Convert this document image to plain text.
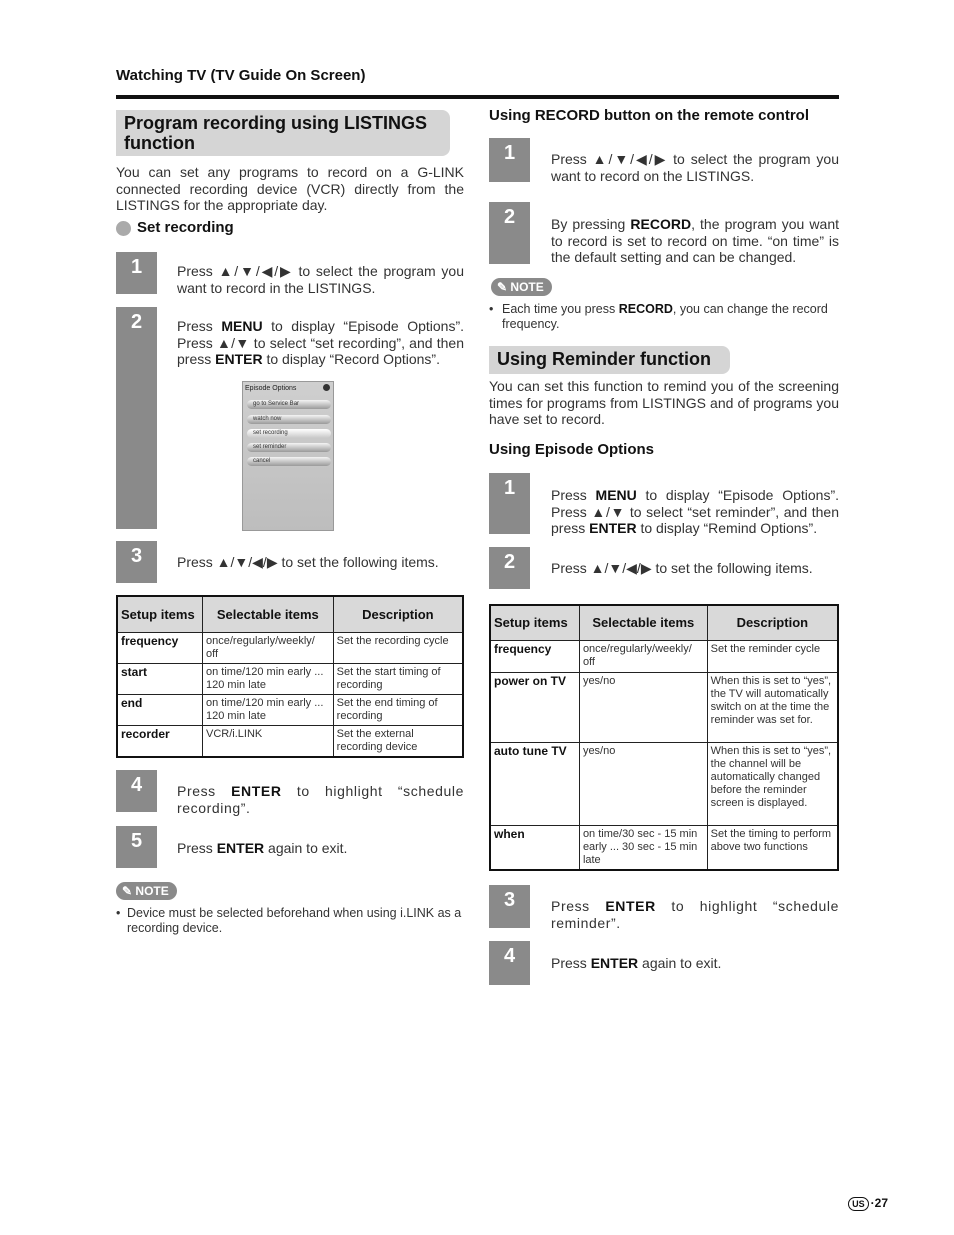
Watching TV (TV Guide On Screen)
Program recording using LISTINGS function
You can set any programs to record on a G-LINK connected recording device (VCR) directly from the LISTINGS for the appropriate day.
Set recording
1	Press ▲/▼/◀/▶ to select the program you want to record in the LISTINGS.
2	Press MENU to display “Episode Options”. Press ▲/▼ to select “set recording”, and then press ENTER to display “Record Options”.
Episode Options
go to Service Bar
watch now
set recording
set reminder
cancel
3	Press ▲/▼/◀/▶ to set the following items.
Setup items	Selectable items	Description
frequency	once/regularly/weekly/ off	Set the recording cycle
start	on time/120 min early ... 120 min late	Set the start timing of recording
end	on time/120 min early ... 120 min late	Set the end timing of recording
recorder	VCR/i.LINK	Set the external recording device
4	Press ENTER to highlight “schedule recording”.
5	Press ENTER again to exit.
✎ NOTE
• Device must be selected beforehand when using i.LINK as a recording device.
Using RECORD button on the remote control
1	Press ▲/▼/◀/▶ to select the program you want to record on the LISTINGS.
2	By pressing RECORD, the program you want to record is set to record on time. “on time” is the default setting and can be changed.
✎ NOTE
• Each time you press RECORD, you can change the record frequency.
Using Reminder function
You can set this function to remind you of the screening times for programs from LISTINGS and of programs you have set to record.
Using Episode Options
1	Press MENU to display “Episode Options”. Press ▲/▼ to select “set reminder”, and then press ENTER to display “Remind Options”.
2	Press ▲/▼/◀/▶ to set the following items.
Setup items	Selectable items	Description
frequency	once/regularly/weekly/ off	Set the reminder cycle
power on TV	yes/no	When this is set to “yes”, the TV will automatically switch on at the time the reminder was set for.
auto tune TV	yes/no	When this is set to “yes”, the channel will be automatically changed before the reminder screen is displayed.
when	on time/30 sec - 15 min early ... 30 sec - 15 min late	Set the timing to perform above two functions
3	Press ENTER to highlight “schedule reminder”.
4	Press ENTER again to exit.
US ·27
